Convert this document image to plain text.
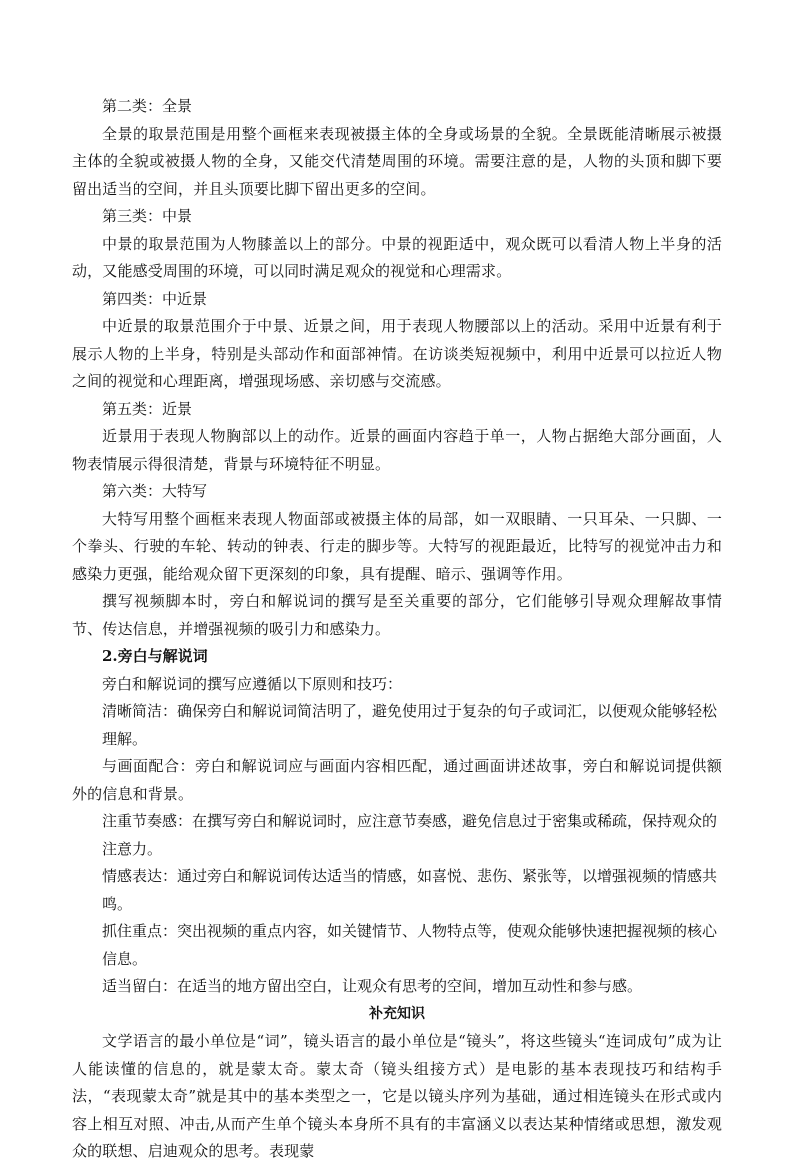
第二类：全景

全景的取景范围是用整个画框来表现被摄主体的全身或场景的全貌。全景既能清晰展示被摄主体的全貌或被摄人物的全身，又能交代清楚周围的环境。需要注意的是，人物的头顶和脚下要留出适当的空间，并且头顶要比脚下留出更多的空间。

第三类：中景

中景的取景范围为人物膝盖以上的部分。中景的视距适中，观众既可以看清人物上半身的活动，又能感受周围的环境，可以同时满足观众的视觉和心理需求。

第四类：中近景

中近景的取景范围介于中景、近景之间，用于表现人物腰部以上的活动。采用中近景有利于展示人物的上半身，特别是头部动作和面部神情。在访谈类短视频中，利用中近景可以拉近人物之间的视觉和心理距离，增强现场感、亲切感与交流感。

第五类：近景

近景用于表现人物胸部以上的动作。近景的画面内容趋于单一，人物占据绝大部分画面，人物表情展示得很清楚，背景与环境特征不明显。

第六类：大特写

大特写用整个画框来表现人物面部或被摄主体的局部，如一双眼睛、一只耳朵、一只脚、一个拳头、行驶的车轮、转动的钟表、行走的脚步等。大特写的视距最近，比特写的视觉冲击力和感染力更强，能给观众留下更深刻的印象，具有提醒、暗示、强调等作用。

撰写视频脚本时，旁白和解说词的撰写是至关重要的部分，它们能够引导观众理解故事情节、传达信息，并增强视频的吸引力和感染力。

2.旁白与解说词

旁白和解说词的撰写应遵循以下原则和技巧：

清晰简洁：确保旁白和解说词简洁明了，避免使用过于复杂的句子或词汇，以便观众能够轻松理解。

与画面配合：旁白和解说词应与画面内容相匹配，通过画面讲述故事，旁白和解说词提供额外的信息和背景。

注重节奏感：在撰写旁白和解说词时，应注意节奏感，避免信息过于密集或稀疏，保持观众的注意力。

情感表达：通过旁白和解说词传达适当的情感，如喜悦、悲伤、紧张等，以增强视频的情感共鸣。

抓住重点：突出视频的重点内容，如关键情节、人物特点等，使观众能够快速把握视频的核心信息。

适当留白：在适当的地方留出空白，让观众有思考的空间，增加互动性和参与感。

补充知识

文学语言的最小单位是“词”，镜头语言的最小单位是“镜头”，将这些镜头“连词成句”成为让人能读懂的信息的，就是蒙太奇。蒙太奇（镜头组接方式）是电影的基本表现技巧和结构手法，“表现蒙太奇”就是其中的基本类型之一，它是以镜头序列为基础，通过相连镜头在形式或内容上相互对照、冲击,从而产生单个镜头本身所不具有的丰富涵义以表达某种情绪或思想，激发观众的联想、启迪观众的思考。表现蒙
